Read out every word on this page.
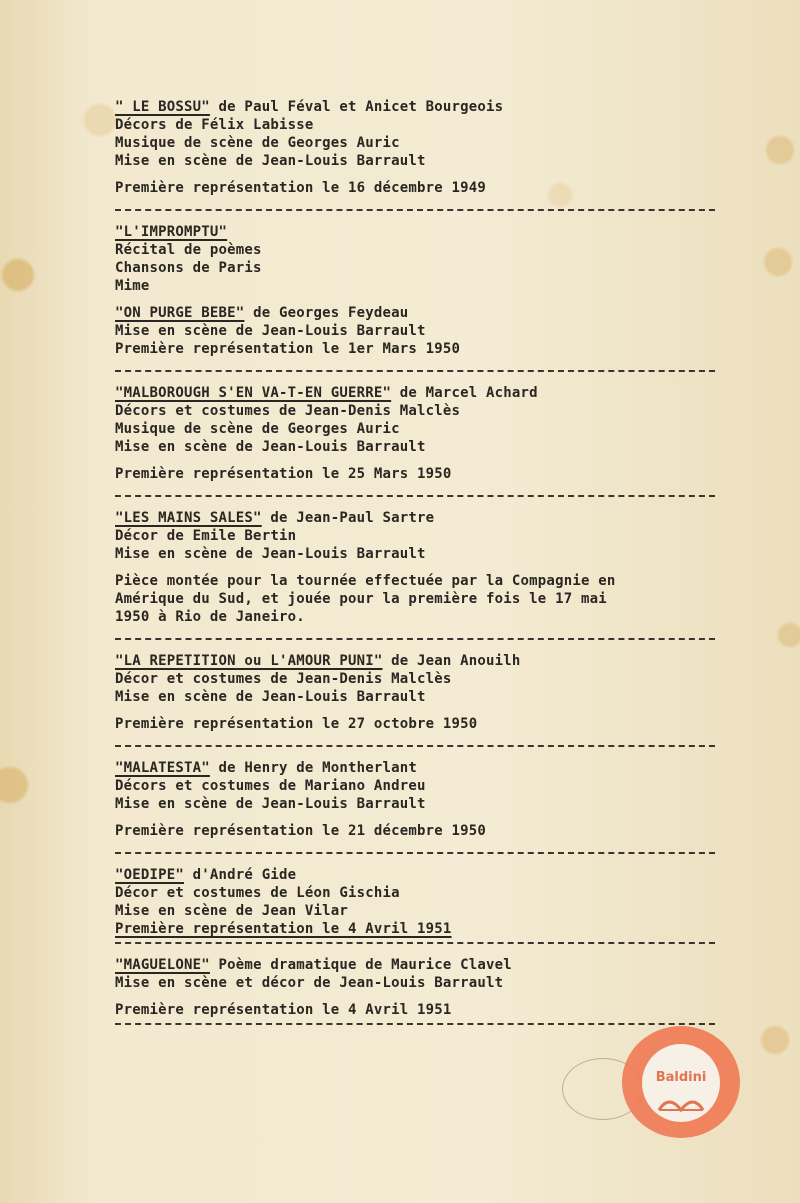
" LE BOSSU" de Paul Féval et Anicet Bourgeois
Décors de Félix Labisse
Musique de scène de Georges Auric
Mise en scène de Jean-Louis Barrault
Première représentation le 16 décembre 1949
"L'IMPROMPTU"
Récital de poèmes
Chansons de Paris
Mime
"ON PURGE BEBE" de Georges Feydeau
Mise en scène de Jean-Louis Barrault
Première représentation le 1er Mars 1950
"MALBOROUGH S'EN VA-T-EN GUERRE" de Marcel Achard
Décors et costumes de Jean-Denis Malclès
Musique de scène de Georges Auric
Mise en scène de Jean-Louis Barrault
Première représentation le 25 Mars 1950
"LES MAINS SALES" de Jean-Paul Sartre
Décor de Emile Bertin
Mise en scène de Jean-Louis Barrault
Pièce montée pour la tournée effectuée par la Compagnie en
Amérique du Sud, et jouée pour la première fois le 17 mai
1950 à Rio de Janeiro.
"LA REPETITION ou L'AMOUR PUNI" de Jean Anouilh
Décor et costumes de Jean-Denis Malclès
Mise en scène de Jean-Louis Barrault
Première représentation le 27 octobre 1950
"MALATESTA" de Henry de Montherlant
Décors et costumes de Mariano Andreu
Mise en scène de Jean-Louis Barrault
Première représentation le 21 décembre 1950
"OEDIPE" d'André Gide
Décor et costumes de Léon Gischia
Mise en scène de Jean Vilar
Première représentation le 4 Avril 1951
"MAGUELONE" Poème dramatique de Maurice Clavel
Mise en scène et décor de Jean-Louis Barrault
Première représentation le 4 Avril 1951
Baldini
